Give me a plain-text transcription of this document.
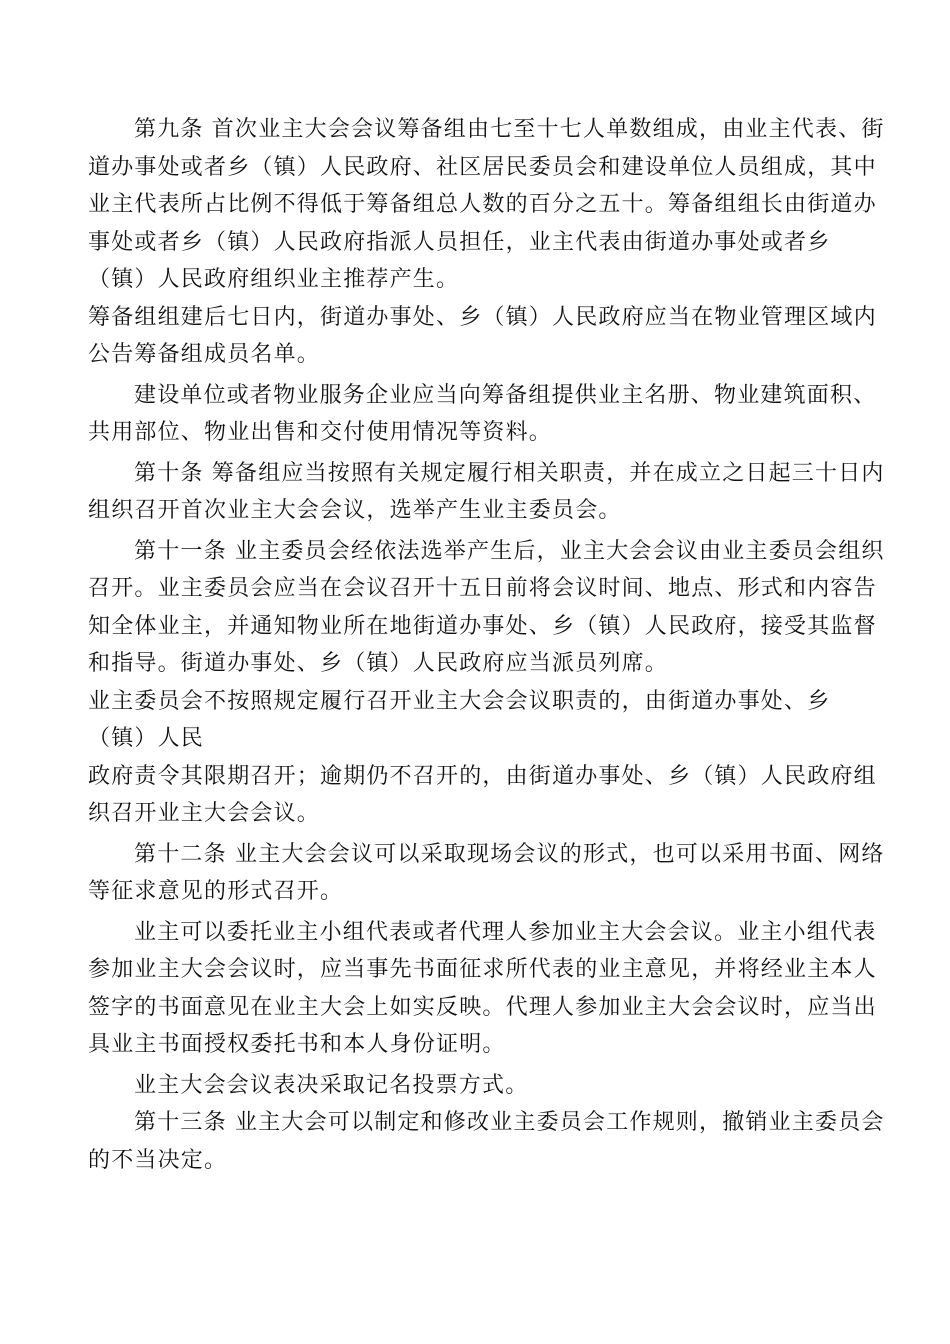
第九条 首次业主大会会议筹备组由七至十七人单数组成，由业主代表、街
道办事处或者乡（镇）人民政府、社区居民委员会和建设单位人员组成，其中
业主代表所占比例不得低于筹备组总人数的百分之五十。筹备组组长由街道办
事处或者乡（镇）人民政府指派人员担任，业主代表由街道办事处或者乡
（镇）人民政府组织业主推荐产生。
筹备组组建后七日内，街道办事处、乡（镇）人民政府应当在物业管理区域内
公告筹备组成员名单。
建设单位或者物业服务企业应当向筹备组提供业主名册、物业建筑面积、
共用部位、物业出售和交付使用情况等资料。
第十条 筹备组应当按照有关规定履行相关职责，并在成立之日起三十日内
组织召开首次业主大会会议，选举产生业主委员会。
第十一条 业主委员会经依法选举产生后，业主大会会议由业主委员会组织
召开。业主委员会应当在会议召开十五日前将会议时间、地点、形式和内容告
知全体业主，并通知物业所在地街道办事处、乡（镇）人民政府，接受其监督
和指导。街道办事处、乡（镇）人民政府应当派员列席。
业主委员会不按照规定履行召开业主大会会议职责的，由街道办事处、乡
（镇）人民
政府责令其限期召开；逾期仍不召开的，由街道办事处、乡（镇）人民政府组
织召开业主大会会议。
第十二条 业主大会会议可以采取现场会议的形式，也可以采用书面、网络
等征求意见的形式召开。
业主可以委托业主小组代表或者代理人参加业主大会会议。业主小组代表
参加业主大会会议时，应当事先书面征求所代表的业主意见，并将经业主本人
签字的书面意见在业主大会上如实反映。代理人参加业主大会会议时，应当出
具业主书面授权委托书和本人身份证明。
业主大会会议表决采取记名投票方式。
第十三条 业主大会可以制定和修改业主委员会工作规则，撤销业主委员会
的不当决定。
